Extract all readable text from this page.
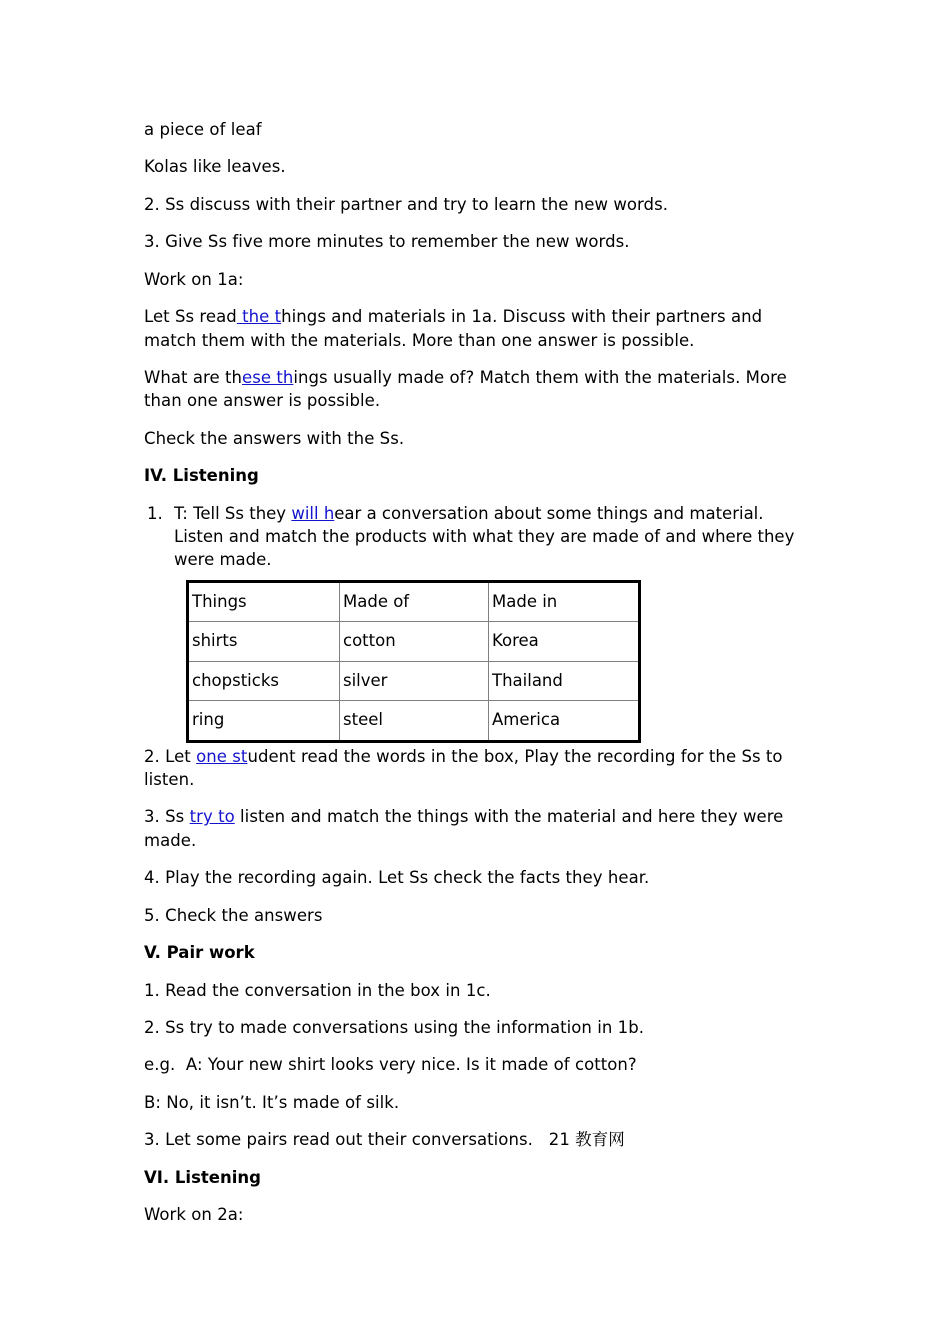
a piece of leaf

Kolas like leaves.

2. Ss discuss with their partner and try to learn the new words.

3. Give Ss five more minutes to remember the new words.

Work on 1a:

Let Ss read the things and materials in 1a. Discuss with their partners and match them with the materials. More than one answer is possible.

What are these things usually made of? Match them with the materials. More than one answer is possible.

Check the answers with the Ss.

IV. Listening
1. T: Tell Ss they will hear a conversation about some things and material. Listen and match the products with what they are made of and where they were made.
Things	Made of	Made in
shirts	cotton	Korea
chopsticks	silver	Thailand
ring	steel	America

2. Let one student read the words in the box, Play the recording for the Ss to listen.

3. Ss try to listen and match the things with the material and here they were made.

4. Play the recording again. Let Ss check the facts they hear.

5. Check the answers

V. Pair work

1. Read the conversation in the box in 1c.

2. Ss try to made conversations using the information in 1b.

e.g.  A: Your new shirt looks very nice. Is it made of cotton?

B: No, it isn’t. It’s made of silk.

3. Let some pairs read out their conversations.   21 教育网

VI. Listening

Work on 2a:
